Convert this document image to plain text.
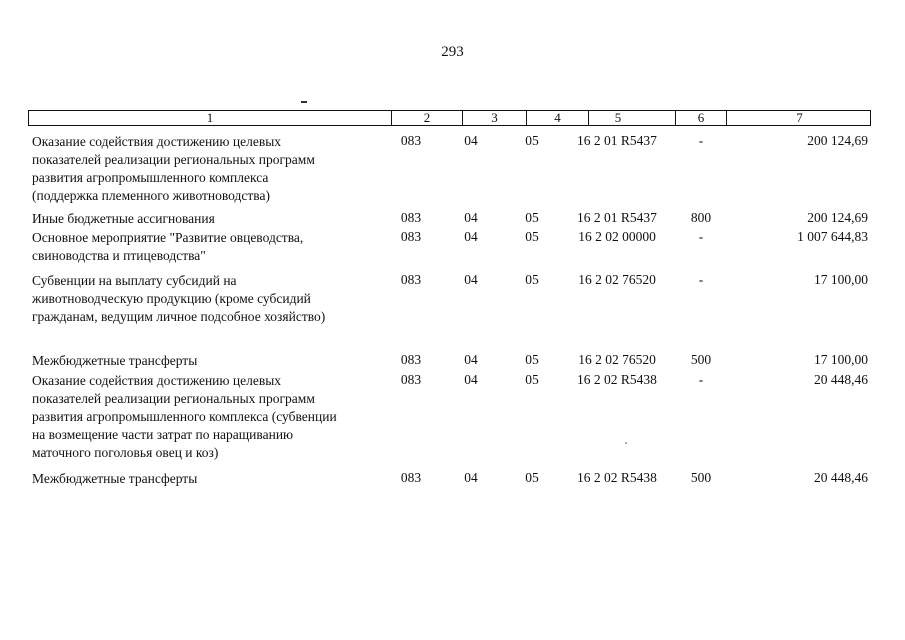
293
1	2	3	4	5	6	7
Оказание содействия достижению целевых
показателей реализации региональных программ
развития агропромышленного комплекса
(поддержка племенного животноводства)
083	04	05	16 2 01 R5437	-	200 124,69
Иные бюджетные ассигнования	083	04	05	16 2 01 R5437	800	200 124,69
Основное мероприятие "Развитие овцеводства,
свиноводства и птицеводства"
083	04	05	16 2 02 00000	-	1 007 644,83
Субвенции на выплату субсидий на
животноводческую продукцию (кроме субсидий
гражданам, ведущим личное подсобное хозяйство)
083	04	05	16 2 02 76520	-	17 100,00
Межбюджетные трансферты	083	04	05	16 2 02 76520	500	17 100,00
Оказание содействия достижению целевых
показателей реализации региональных программ
развития агропромышленного комплекса (субвенции
на возмещение части затрат по наращиванию
маточного поголовья овец и коз)
083	04	05	16 2 02 R5438	-	20 448,46
Межбюджетные трансферты	083	04	05	16 2 02 R5438	500	20 448,46
